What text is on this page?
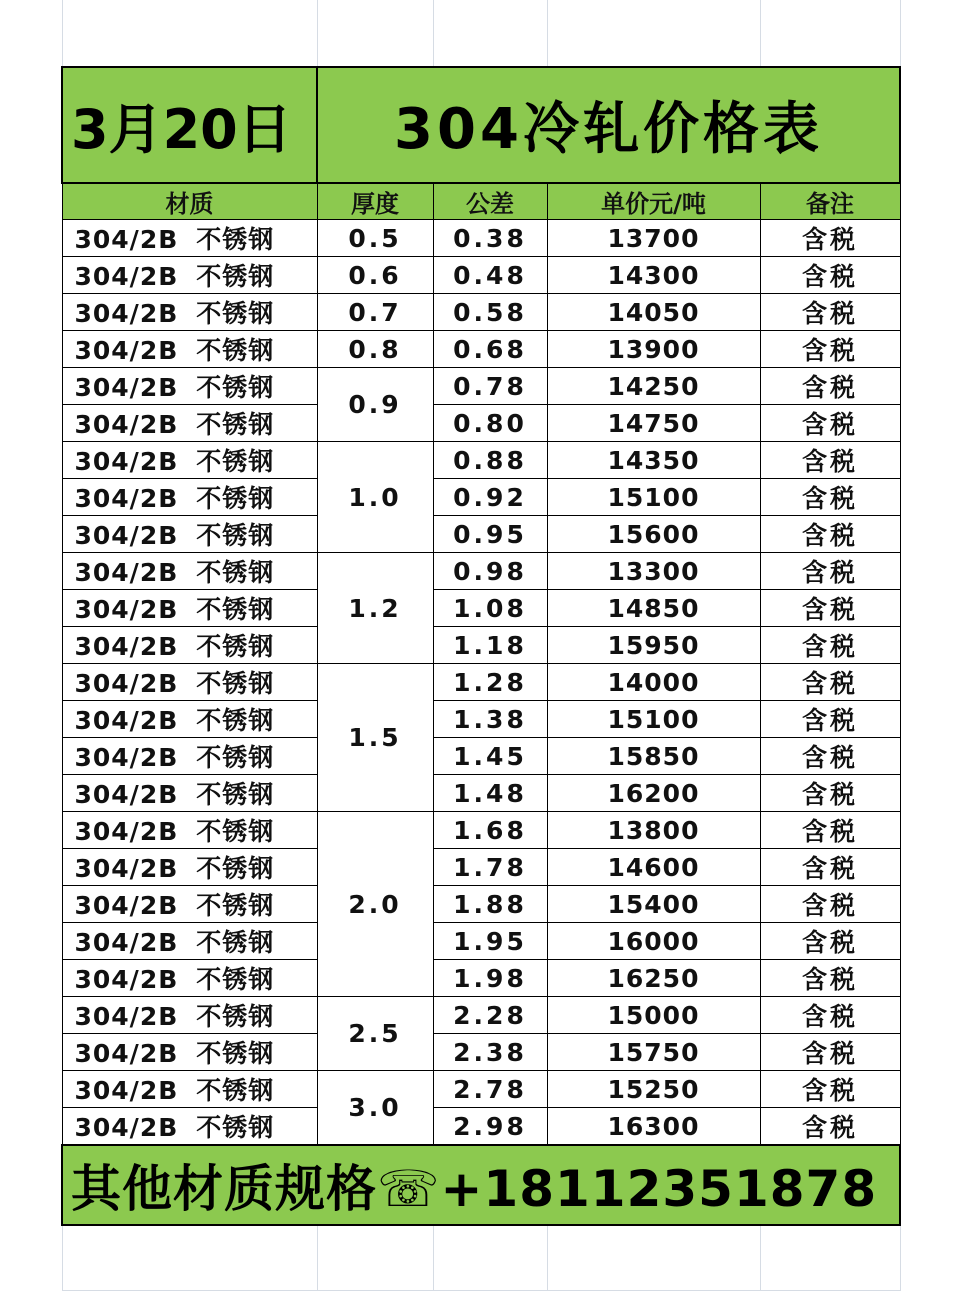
3月20日	304冷轧价格表			
材质	厚度	公差	单价元/吨	备注
304/2B 不锈钢	0.5	0.38	13700	含税
304/2B 不锈钢	0.6	0.48	14300	含税
304/2B 不锈钢	0.7	0.58	14050	含税
304/2B 不锈钢	0.8	0.68	13900	含税
304/2B 不锈钢	0.9	0.78	14250	含税
304/2B 不锈钢		0.80	14750	含税
304/2B 不锈钢	1.0	0.88	14350	含税
304/2B 不锈钢		0.92	15100	含税
304/2B 不锈钢		0.95	15600	含税
304/2B 不锈钢	1.2	0.98	13300	含税
304/2B 不锈钢		1.08	14850	含税
304/2B 不锈钢		1.18	15950	含税
304/2B 不锈钢	1.5	1.28	14000	含税
304/2B 不锈钢		1.38	15100	含税
304/2B 不锈钢		1.45	15850	含税
304/2B 不锈钢		1.48	16200	含税
304/2B 不锈钢	2.0	1.68	13800	含税
304/2B 不锈钢		1.78	14600	含税
304/2B 不锈钢		1.88	15400	含税
304/2B 不锈钢		1.95	16000	含税
304/2B 不锈钢		1.98	16250	含税
304/2B 不锈钢	2.5	2.28	15000	含税
304/2B 不锈钢		2.38	15750	含税
304/2B 不锈钢	3.0	2.78	15250	含税
304/2B 不锈钢		2.98	16300	含税
其他材质规格☏+18112351878				
